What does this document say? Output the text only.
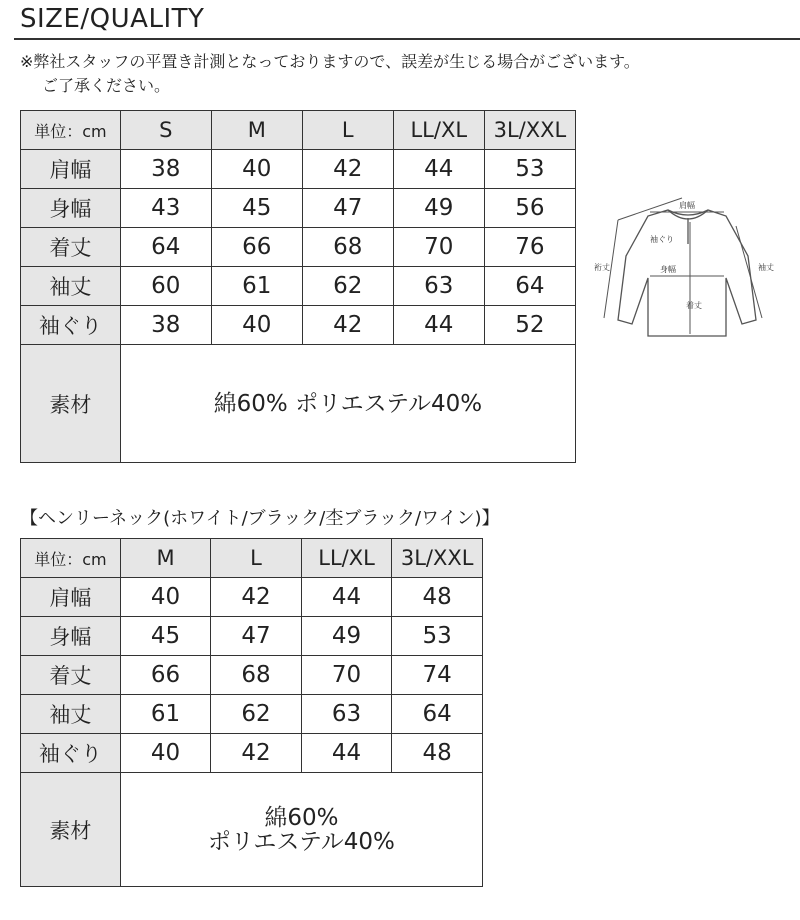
SIZE/QUALITY
※弊社スタッフの平置き計測となっておりますので、誤差が生じる場合がございます。
ご了承ください。
単位：cm	S	M	L	LL/XL	3L/XXL
肩幅	38	40	42	44	53
身幅	43	45	47	49	56
着丈	64	66	68	70	76
袖丈	60	61	62	63	64
袖ぐり	38	40	42	44	52
素材	綿60% ポリエステル40%				
肩幅
袖ぐり
身幅
着丈
裄丈	袖丈
【ヘンリーネック(ホワイト/ブラック/杢ブラック/ワイン)】
単位：cm	M	L	LL/XL	3L/XXL
肩幅	40	42	44	48
身幅	45	47	49	53
着丈	66	68	70	74
袖丈	61	62	63	64
袖ぐり	40	42	44	48
素材	綿60%
ポリエステル40%			
